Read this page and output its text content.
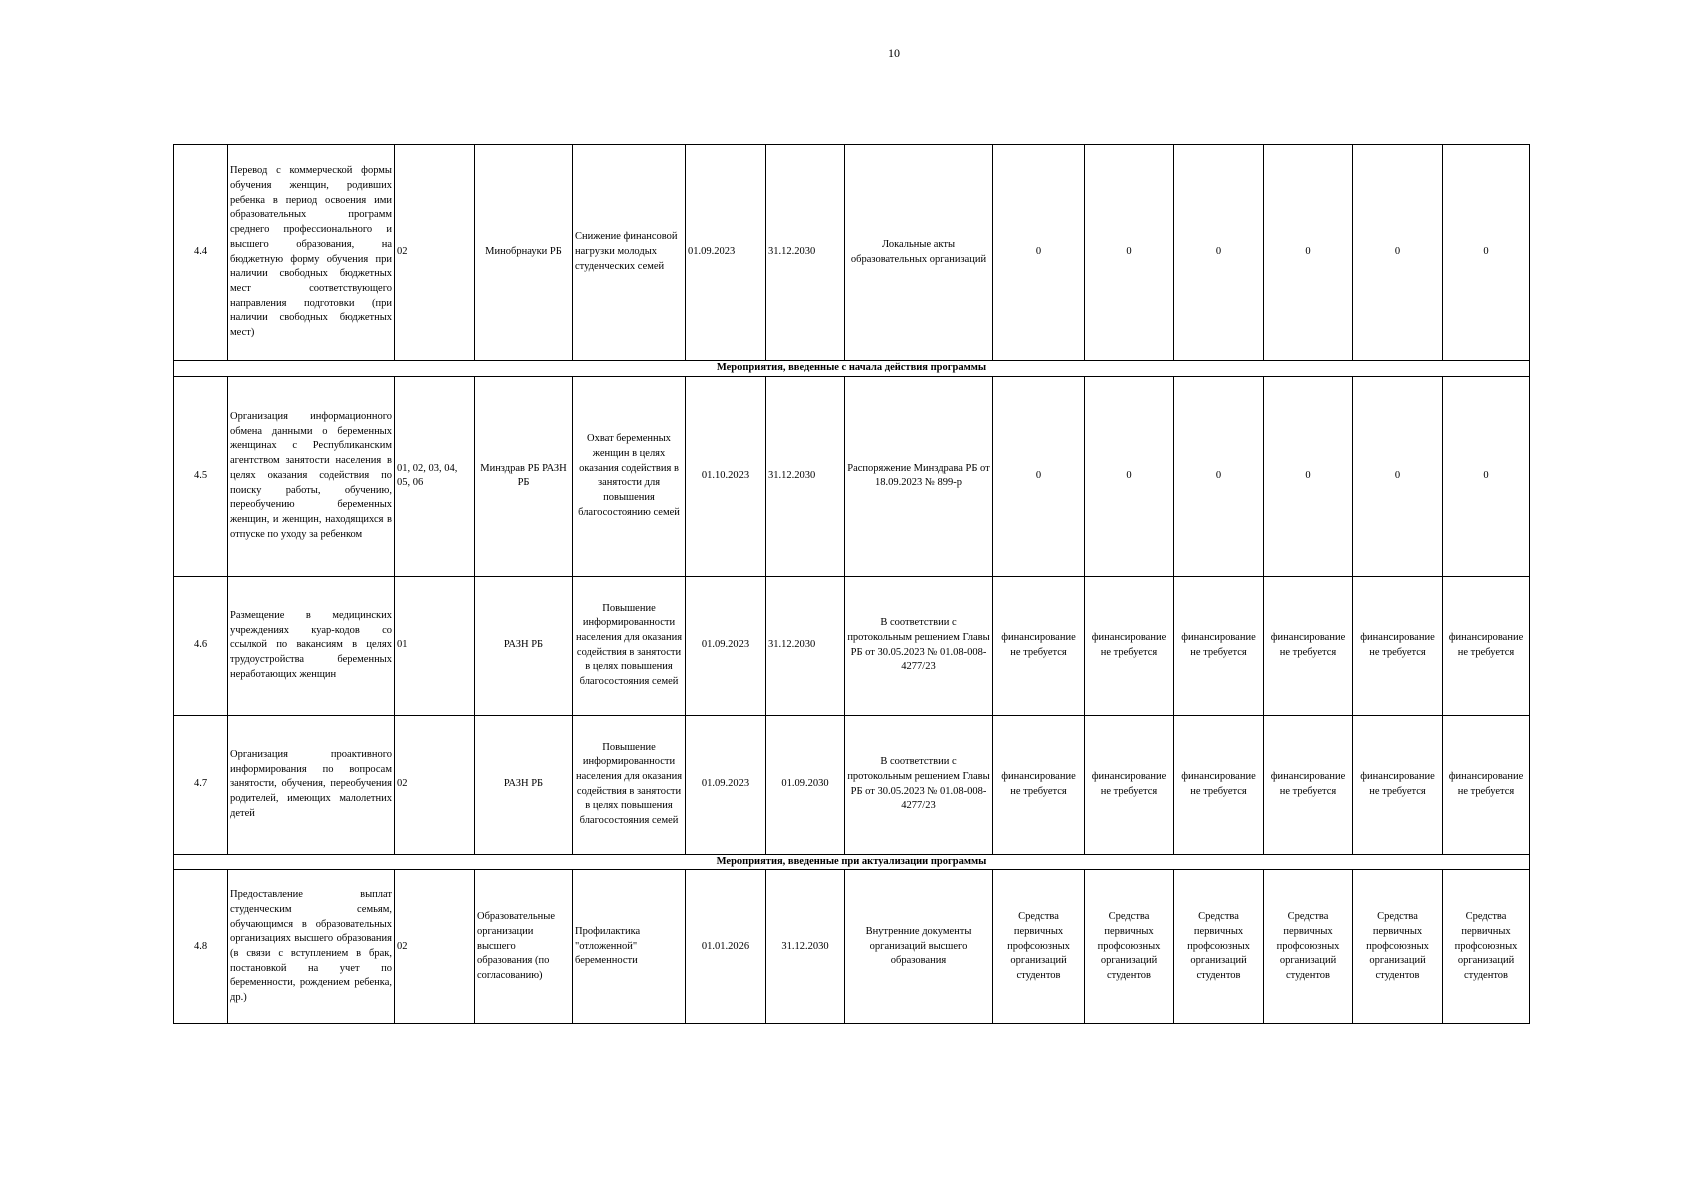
10
4.4	Перевод с коммерческой формы обучения женщин, родивших ребенка в период освоения ими образовательных программ среднего профессионального и высшего образования, на бюджетную форму обучения при наличии свободных бюджетных мест соответствующего направления подготовки (при наличии свободных бюджетных мест)	02	Минобрнауки РБ	Снижение финансовой нагрузки молодых студенческих семей	01.09.2023	31.12.2030	Локальные акты образовательных организаций	0	0	0	0	0	0
Мероприятия, введенные с начала действия программы													
4.5	Организация информационного обмена данными о беременных женщинах с Республиканским агентством занятости населения в целях оказания содействия по поиску работы, обучению, переобучению беременных женщин, и женщин, находящихся в отпуске по уходу за ребенком	01, 02, 03, 04, 05, 06	Минздрав РБ РАЗН РБ	Охват беременных женщин в целях оказания содействия в занятости для повышения благосостоянию семей	01.10.2023	31.12.2030	Распоряжение Минздрава РБ от 18.09.2023 № 899-р	0	0	0	0	0	0
4.6	Размещение в медицинских учреждениях куар-кодов со ссылкой по вакансиям в целях трудоустройства беременных неработающих женщин	01	РАЗН РБ	Повышение информированности населения для оказания содействия в занятости в целях повышения благосостояния семей	01.09.2023	31.12.2030	В соответствии с протокольным решением Главы РБ от 30.05.2023 № 01.08-008-4277/23	финансирование не требуется	финансирование не требуется	финансирование не требуется	финансирование не требуется	финансирование не требуется	финансирование не требуется
4.7	Организация проактивного информирования по вопросам занятости, обучения, переобучения родителей, имеющих малолетних детей	02	РАЗН РБ	Повышение информированности населения для оказания содействия в занятости в целях повышения благосостояния семей	01.09.2023	01.09.2030	В соответствии с протокольным решением Главы РБ от 30.05.2023 № 01.08-008-4277/23	финансирование не требуется	финансирование не требуется	финансирование не требуется	финансирование не требуется	финансирование не требуется	финансирование не требуется
Мероприятия, введенные при актуализации программы													
4.8	Предоставление выплат студенческим семьям, обучающимся в образовательных организациях высшего образования (в связи с вступлением в брак, постановкой на учет по беременности, рождением ребенка, др.)	02	Образовательные организации высшего образования (по согласованию)	Профилактика "отложенной" беременности	01.01.2026	31.12.2030	Внутренние документы организаций высшего образования	Средства первичных профсоюзных организаций студентов	Средства первичных профсоюзных организаций студентов	Средства первичных профсоюзных организаций студентов	Средства первичных профсоюзных организаций студентов	Средства первичных профсоюзных организаций студентов	Средства первичных профсоюзных организаций студентов
